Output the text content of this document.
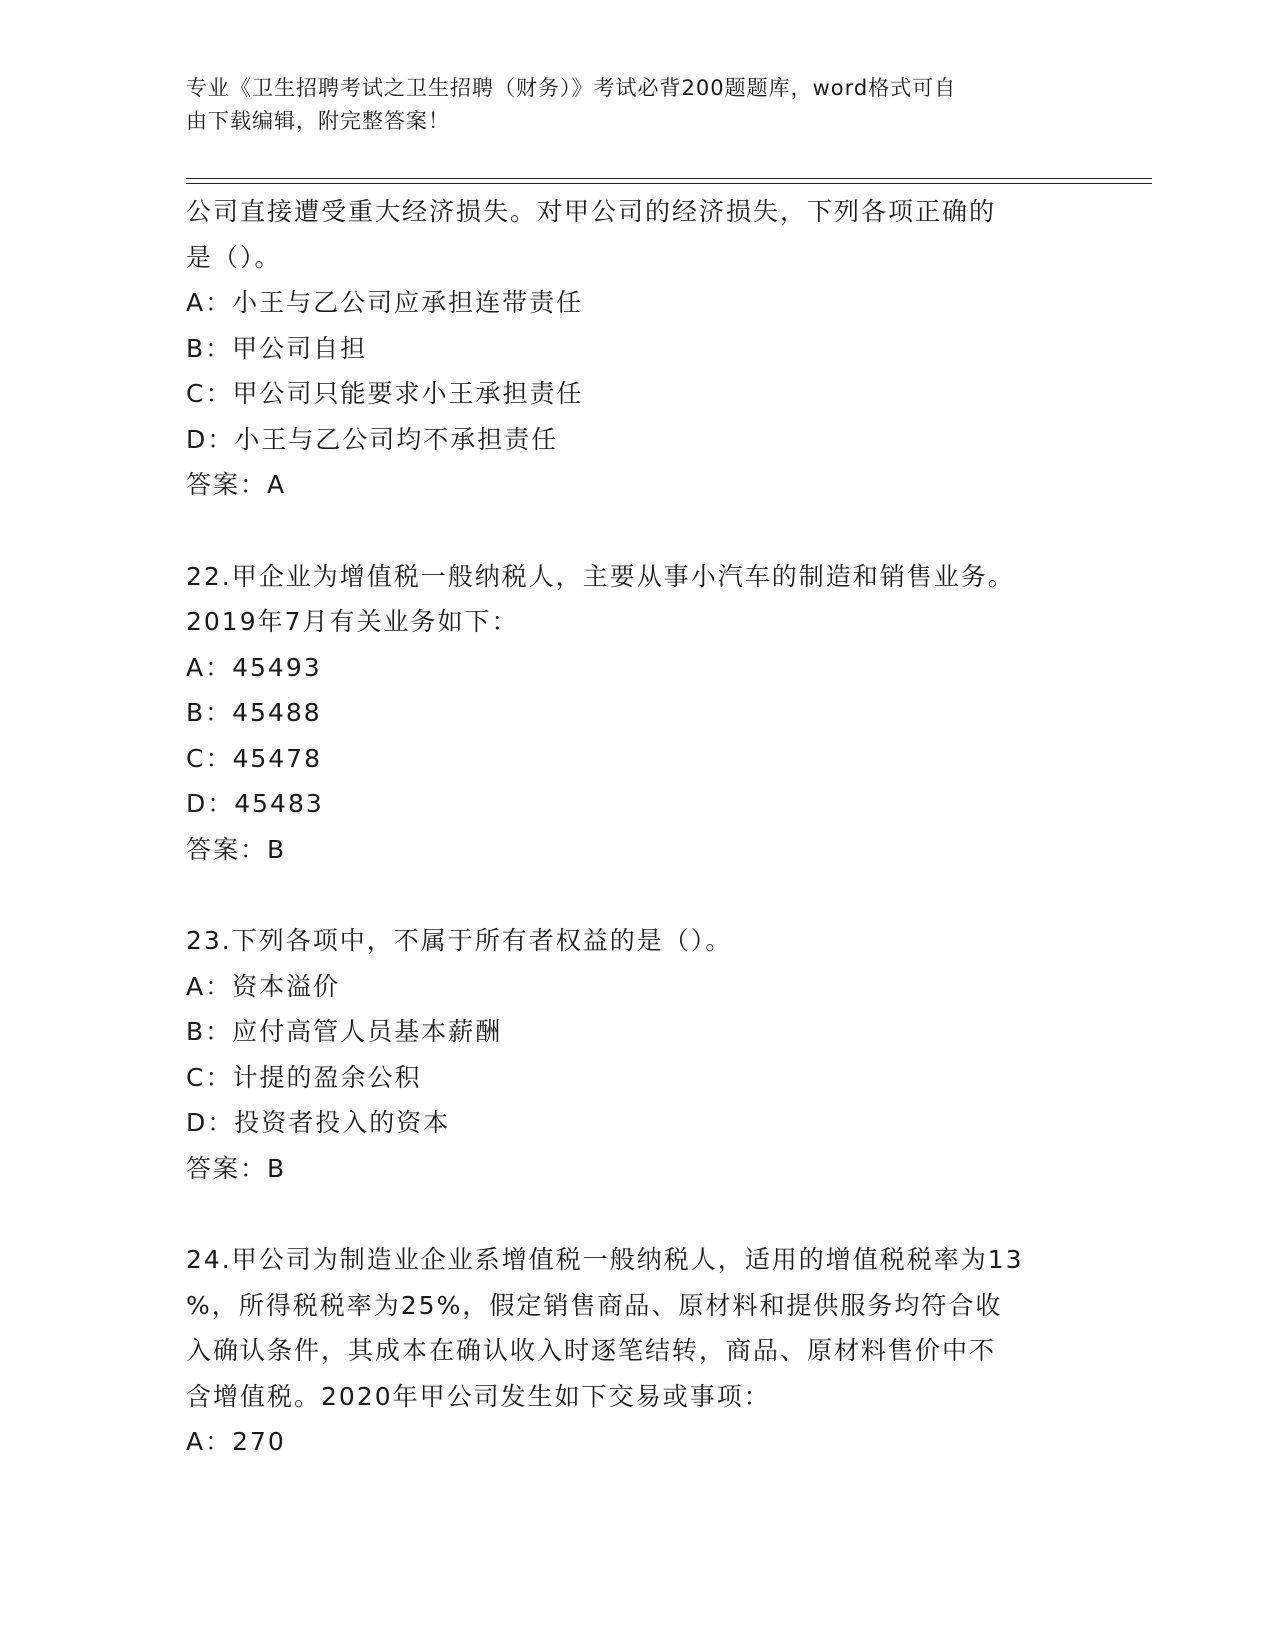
专业《卫生招聘考试之卫生招聘（财务）》考试必背200题题库，word格式可自
由下载编辑，附完整答案！
公司直接遭受重大经济损失。对甲公司的经济损失，下列各项正确的
是（）。
A：小王与乙公司应承担连带责任
B：甲公司自担
C：甲公司只能要求小王承担责任
D：小王与乙公司均不承担责任
答案：A
22.甲企业为增值税一般纳税人，主要从事小汽车的制造和销售业务。
2019年7月有关业务如下：
A：45493
B：45488
C：45478
D：45483
答案：B
23.下列各项中，不属于所有者权益的是（）。
A：资本溢价
B：应付高管人员基本薪酬
C：计提的盈余公积
D：投资者投入的资本
答案：B
24.甲公司为制造业企业系增值税一般纳税人，适用的增值税税率为13
%，所得税税率为25%，假定销售商品、原材料和提供服务均符合收
入确认条件，其成本在确认收入时逐笔结转，商品、原材料售价中不
含增值税。2020年甲公司发生如下交易或事项：
A：270
